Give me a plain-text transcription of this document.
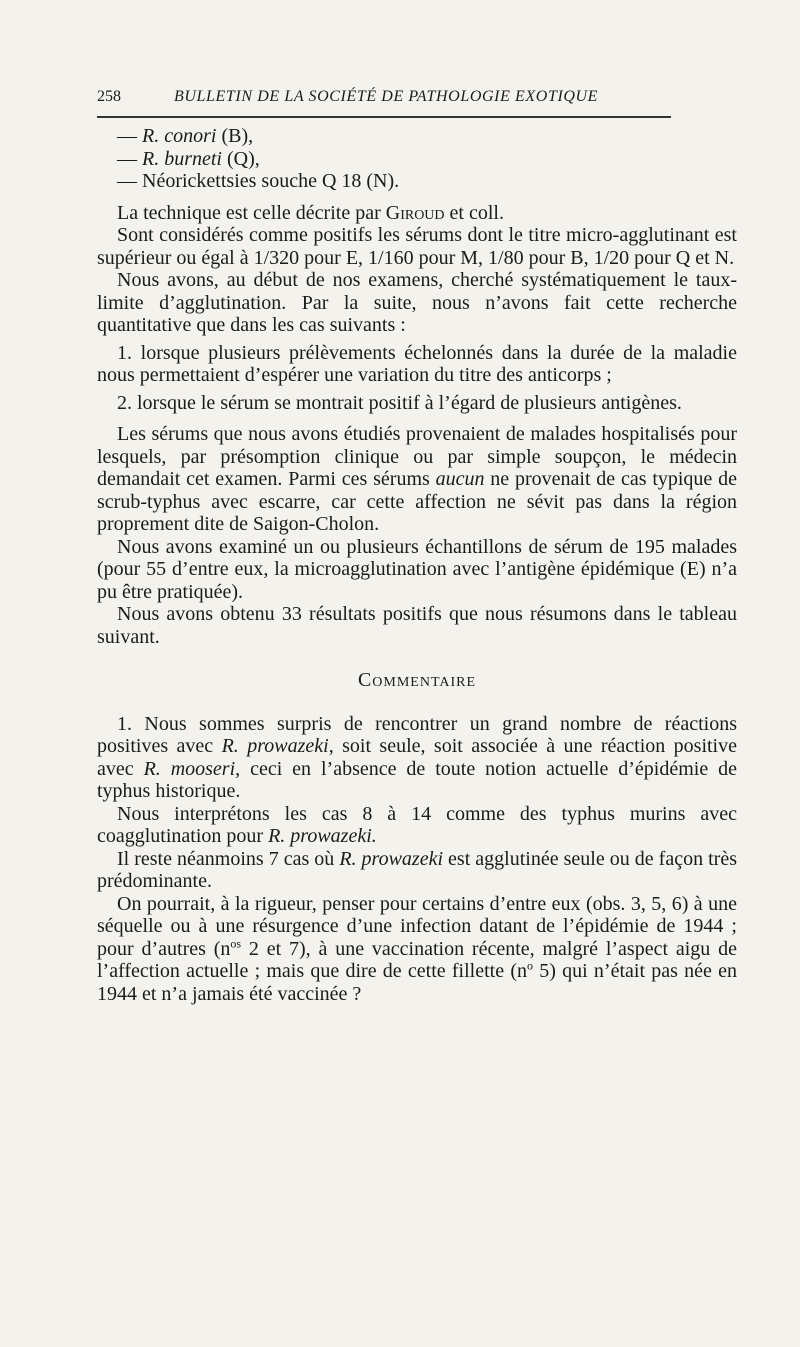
258	BULLETIN DE LA SOCIÉTÉ DE PATHOLOGIE EXOTIQUE

— R. conori (B),

— R. burneti (Q),

— Néorickettsies souche Q 18 (N).

La technique est celle décrite par Giroud et coll.

Sont considérés comme positifs les sérums dont le titre micro-agglutinant est supérieur ou égal à 1/320 pour E, 1/160 pour M, 1/80 pour B, 1/20 pour Q et N.

Nous avons, au début de nos examens, cherché systématiquement le taux-limite d’agglutination. Par la suite, nous n’avons fait cette recherche quantitative que dans les cas suivants :

1. lorsque plusieurs prélèvements échelonnés dans la durée de la maladie nous permettaient d’espérer une variation du titre des anticorps ;

2. lorsque le sérum se montrait positif à l’égard de plusieurs antigènes.

Les sérums que nous avons étudiés provenaient de malades hospitalisés pour lesquels, par présomption clinique ou par simple soupçon, le médecin demandait cet examen. Parmi ces sérums aucun ne provenait de cas typique de scrub-typhus avec escarre, car cette affection ne sévit pas dans la région proprement dite de Saigon-Cholon.

Nous avons examiné un ou plusieurs échantillons de sérum de 195 malades (pour 55 d’entre eux, la microagglutination avec l’antigène épidémique (E) n’a pu être pratiquée).

Nous avons obtenu 33 résultats positifs que nous résumons dans le tableau suivant.

Commentaire

1. Nous sommes surpris de rencontrer un grand nombre de réactions positives avec R. prowazeki, soit seule, soit associée à une réaction positive avec R. mooseri, ceci en l’absence de toute notion actuelle d’épidémie de typhus historique.

Nous interprétons les cas 8 à 14 comme des typhus murins avec coagglutination pour R. prowazeki.

Il reste néanmoins 7 cas où R. prowazeki est agglutinée seule ou de façon très prédominante.

On pourrait, à la rigueur, penser pour certains d’entre eux (obs. 3, 5, 6) à une séquelle ou à une résurgence d’une infection datant de l’épidémie de 1944 ; pour d’autres ($n^{os}$ 2 et 7), à une vaccination récente, malgré l’aspect aigu de l’affection actuelle ; mais que dire de cette fillette ($n^o$ 5) qui n’était pas née en 1944 et n’a jamais été vaccinée ?
